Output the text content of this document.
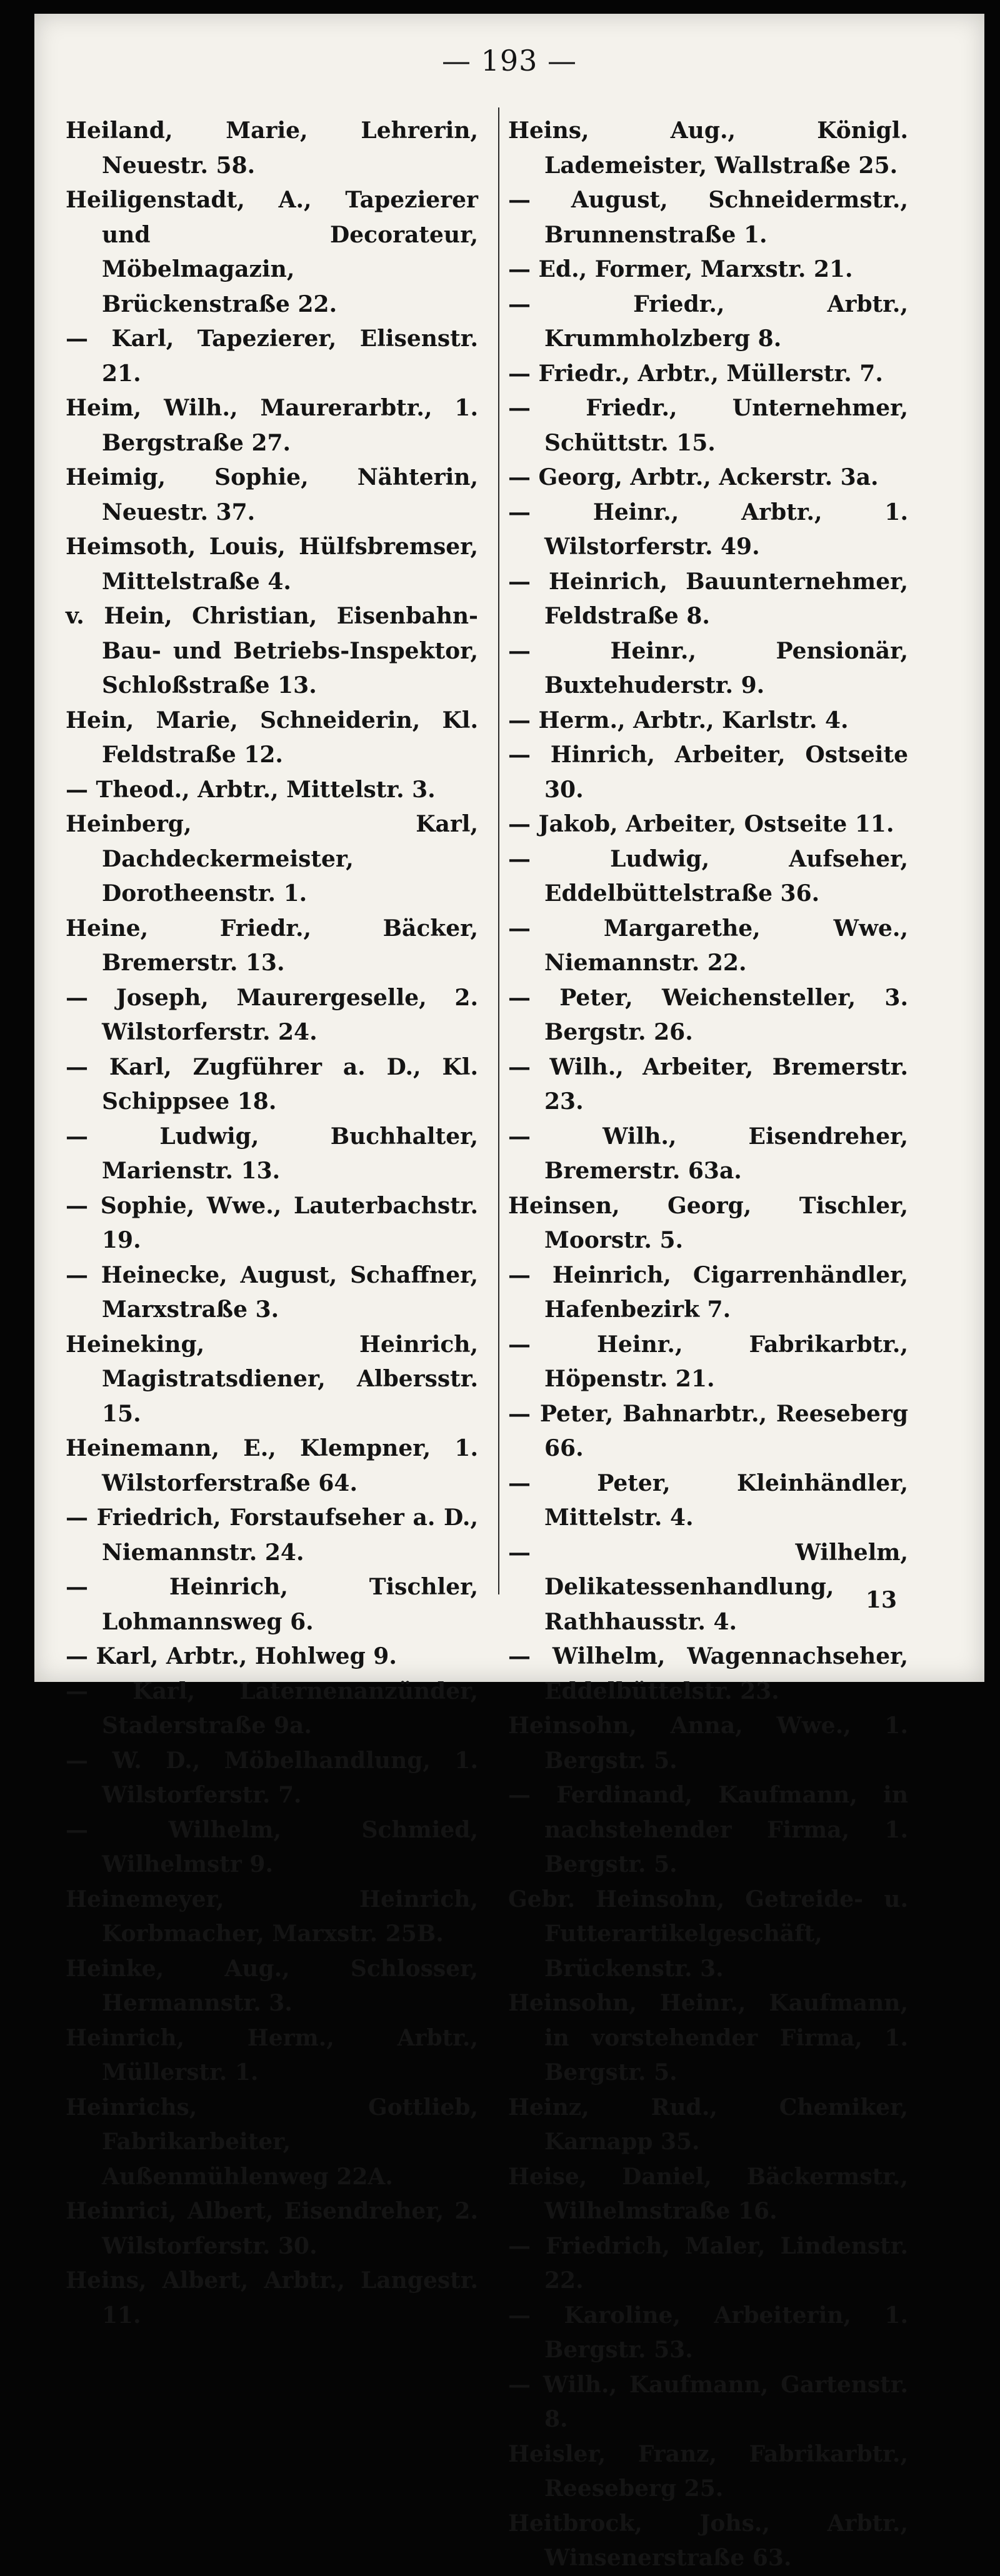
— 193 —

Heiland, Marie, Lehrerin, Neuestr. 58.

Heiligenstadt, A., Tapezierer und Decorateur, Möbelmagazin, Brückenstraße 22.

— Karl, Tapezierer, Elisenstr. 21.

Heim, Wilh., Maurerarbtr., 1. Bergstraße 27.

Heimig, Sophie, Nähterin, Neuestr. 37.

Heimsoth, Louis, Hülfsbremser, Mittelstraße 4.

v. Hein, Christian, Eisenbahn-Bau- und Betriebs-Inspektor, Schloßstraße 13.

Hein, Marie, Schneiderin, Kl. Feldstraße 12.

— Theod., Arbtr., Mittelstr. 3.

Heinberg, Karl, Dachdeckermeister, Dorotheenstr. 1.

Heine, Friedr., Bäcker, Bremerstr. 13.

— Joseph, Maurergeselle, 2. Wilstorferstr. 24.

— Karl, Zugführer a. D., Kl. Schippsee 18.

— Ludwig, Buchhalter, Marienstr. 13.

— Sophie, Wwe., Lauterbachstr. 19.

— Heinecke, August, Schaffner, Marxstraße 3.

Heineking, Heinrich, Magistratsdiener, Albersstr. 15.

Heinemann, E., Klempner, 1. Wilstorferstraße 64.

— Friedrich, Forstaufseher a. D., Niemannstr. 24.

— Heinrich, Tischler, Lohmannsweg 6.

— Karl, Arbtr., Hohlweg 9.

— Karl, Laternenanzünder, Staderstraße 9a.

— W. D., Möbelhandlung, 1. Wilstorferstr. 7.

— Wilhelm, Schmied, Wilhelmstr 9.

Heinemeyer, Heinrich, Korbmacher, Marxstr. 25B.

Heinke, Aug., Schlosser, Hermannstr. 3.

Heinrich, Herm., Arbtr., Müllerstr. 1.

Heinrichs, Gottlieb, Fabrikarbeiter, Außenmühlenweg 22A.

Heinrici, Albert, Eisendreher, 2. Wilstorferstr. 30.

Heins, Albert, Arbtr., Langestr. 11.

Heins, Aug., Königl. Lademeister, Wallstraße 25.

— August, Schneidermstr., Brunnenstraße 1.

— Ed., Former, Marxstr. 21.

— Friedr., Arbtr., Krummholzberg 8.

— Friedr., Arbtr., Müllerstr. 7.

— Friedr., Unternehmer, Schüttstr. 15.

— Georg, Arbtr., Ackerstr. 3a.

— Heinr., Arbtr., 1. Wilstorferstr. 49.

— Heinrich, Bauunternehmer, Feldstraße 8.

— Heinr., Pensionär, Buxtehuderstr. 9.

— Herm., Arbtr., Karlstr. 4.

— Hinrich, Arbeiter, Ostseite 30.

— Jakob, Arbeiter, Ostseite 11.

— Ludwig, Aufseher, Eddelbüttelstraße 36.

— Margarethe, Wwe., Niemannstr. 22.

— Peter, Weichensteller, 3. Bergstr. 26.

— Wilh., Arbeiter, Bremerstr. 23.

— Wilh., Eisendreher, Bremerstr. 63a.

Heinsen, Georg, Tischler, Moorstr. 5.

— Heinrich, Cigarrenhändler, Hafenbezirk 7.

— Heinr., Fabrikarbtr., Höpenstr. 21.

— Peter, Bahnarbtr., Reeseberg 66.

— Peter, Kleinhändler, Mittelstr. 4.

— Wilhelm, Delikatessenhandlung, Rathhausstr. 4.

— Wilhelm, Wagennachseher, Eddelbüttelstr. 23.

Heinsohn, Anna, Wwe., 1. Bergstr. 5.

— Ferdinand, Kaufmann, in nachstehender Firma, 1. Bergstr. 5.

Gebr. Heinsohn, Getreide- u. Futterartikelgeschäft, Brückenstr. 3.

Heinsohn, Heinr., Kaufmann, in vorstehender Firma, 1. Bergstr. 5.

Heinz, Rud., Chemiker, Karnapp 35.

Heise, Daniel, Bäckermstr., Wilhelmstraße 16.

— Friedrich, Maler, Lindenstr. 22.

— Karoline, Arbeiterin, 1. Bergstr. 53.

— Wilh., Kaufmann, Gartenstr. 8.

Heisler, Franz, Fabrikarbtr., Reeseberg 25.

Heitbrock, Johs., Arbtr., Winsenerstraße 63.

13
